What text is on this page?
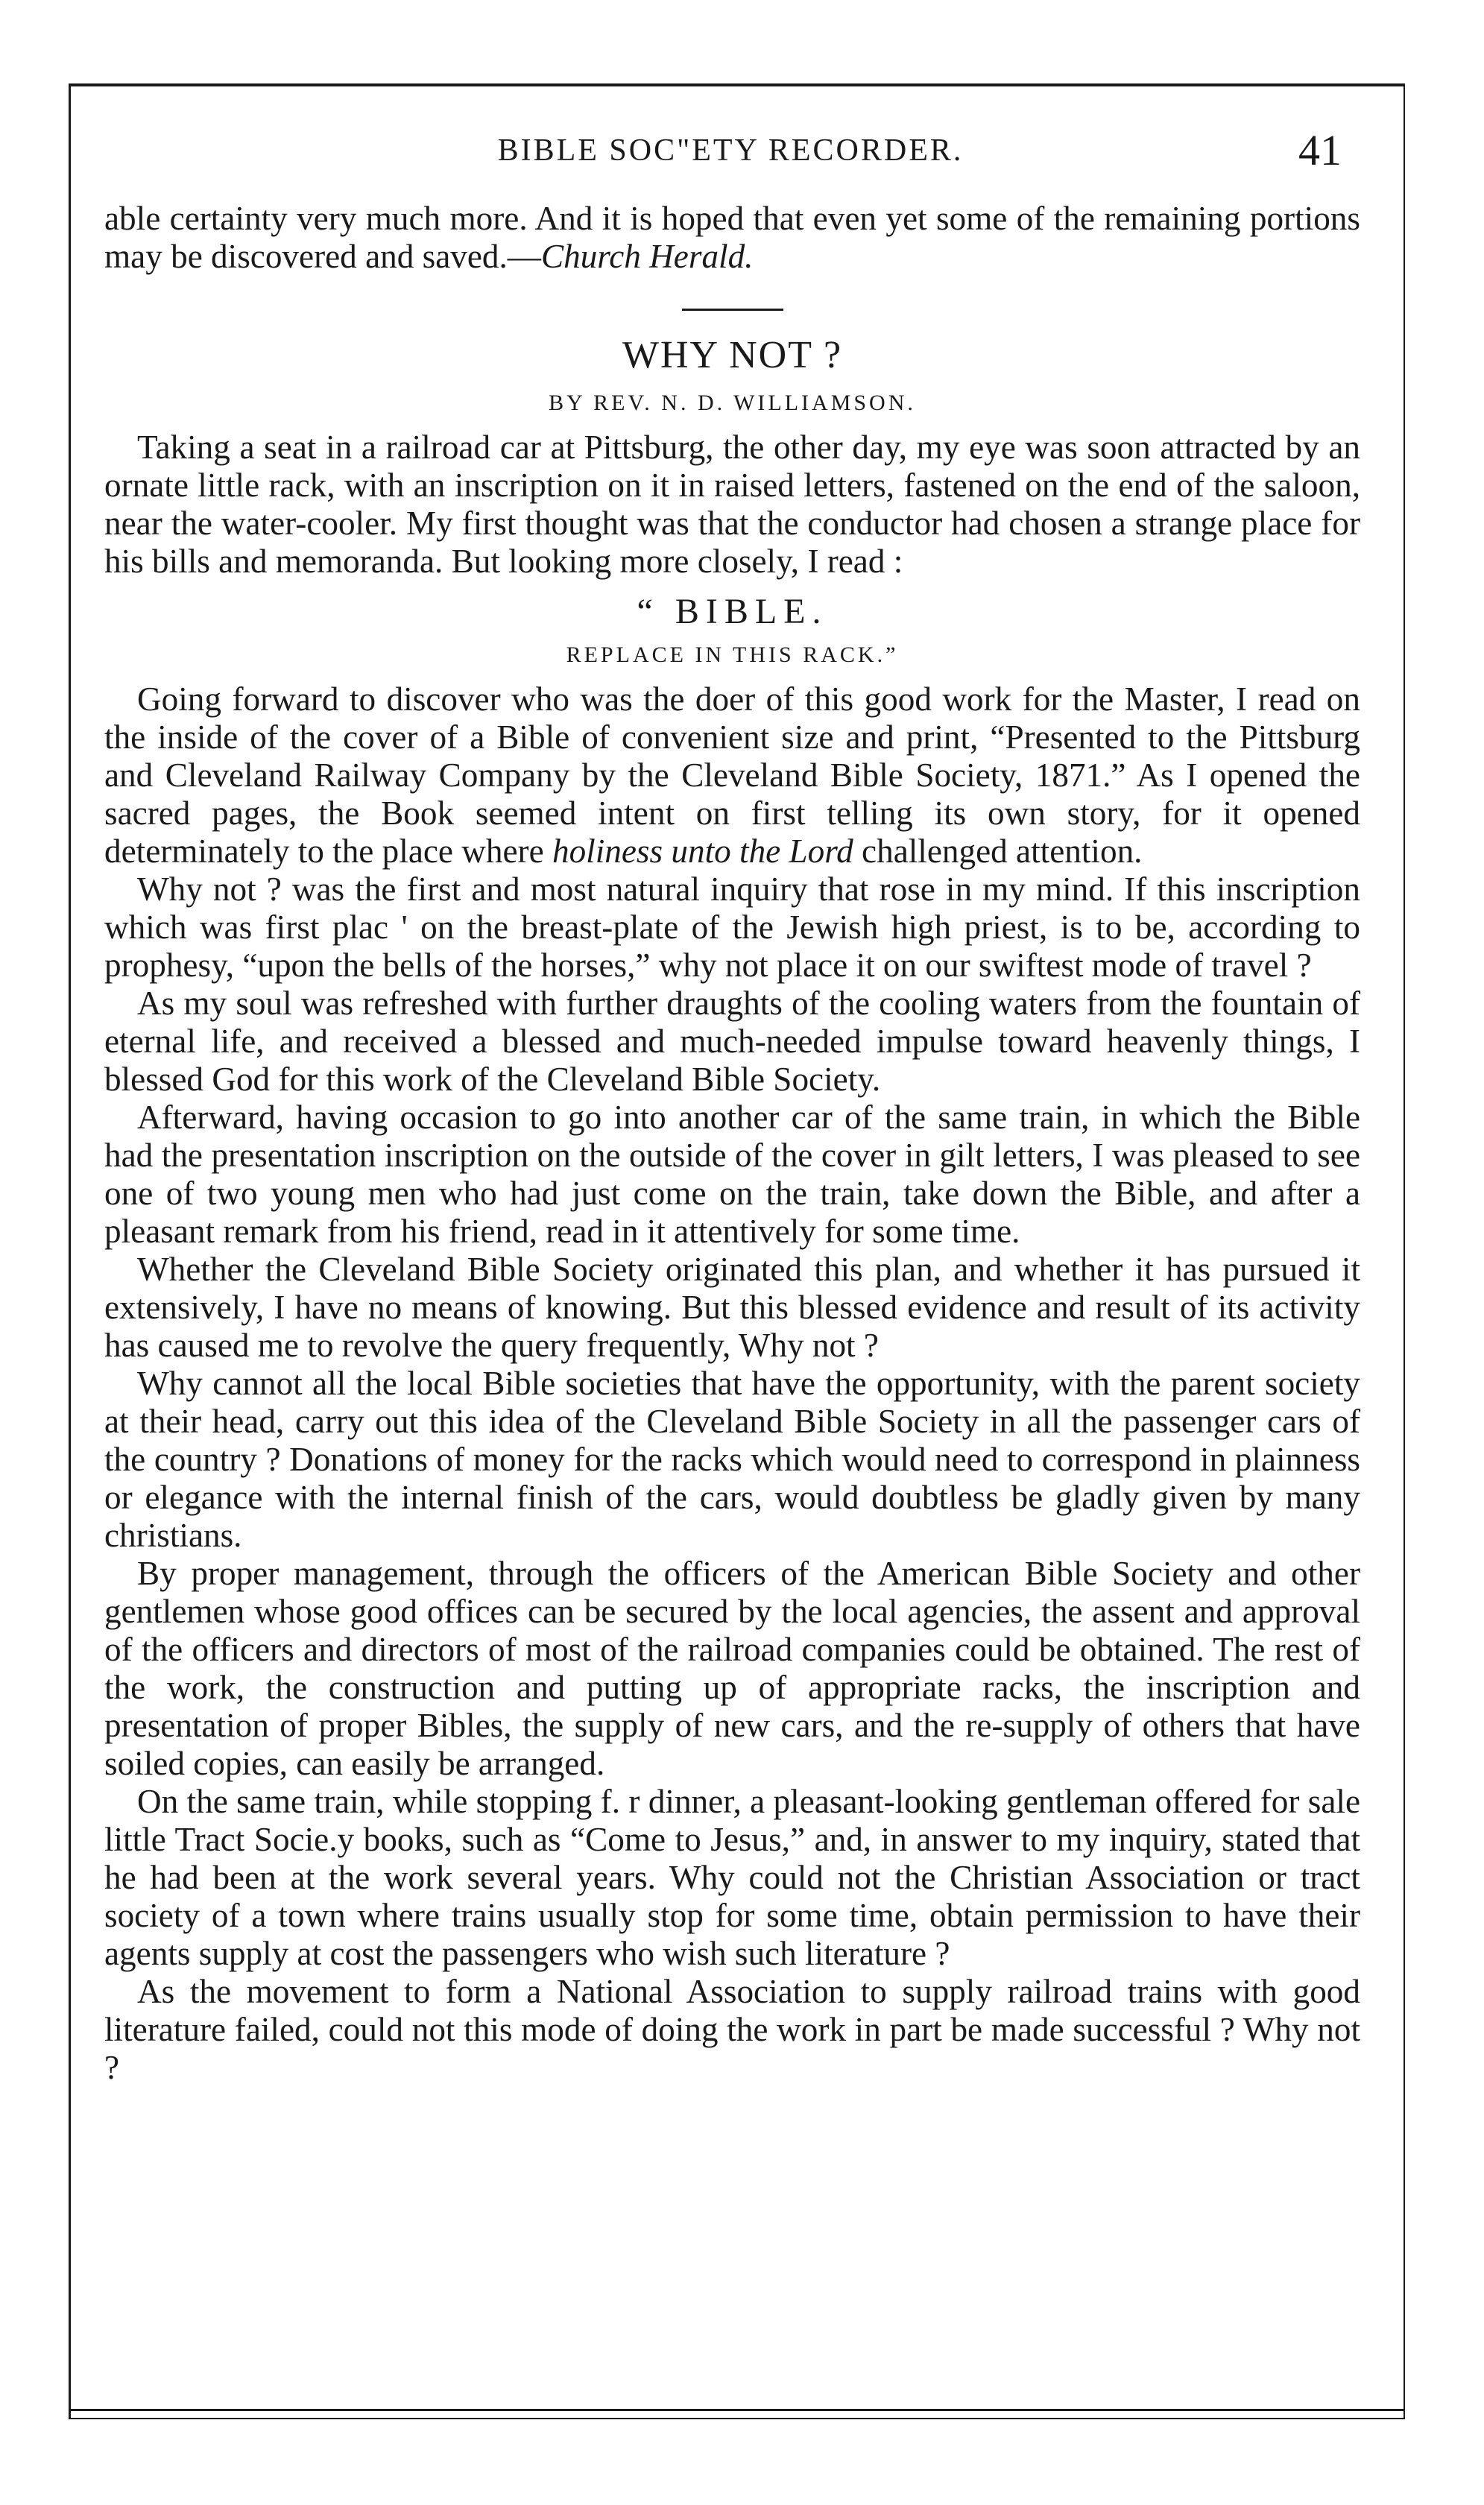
BIBLE SOC"ETY RECORDER.	41

able certainty very much more. And it is hoped that even yet some of the remaining portions may be discovered and saved.—Church Herald.

WHY NOT ?
BY REV. N. D. WILLIAMSON.

Taking a seat in a railroad car at Pittsburg, the other day, my eye was soon attracted by an ornate little rack, with an inscription on it in raised letters, fastened on the end of the saloon, near the water-cooler. My first thought was that the conductor had chosen a strange place for his bills and memoranda. But looking more closely, I read :

“ BIBLE.
REPLACE IN THIS RACK.”

Going forward to discover who was the doer of this good work for the Master, I read on the inside of the cover of a Bible of convenient size and print, “Presented to the Pittsburg and Cleveland Railway Company by the Cleveland Bible Society, 1871.” As I opened the sacred pages, the Book seemed intent on first telling its own story, for it opened determinately to the place where holiness unto the Lord challenged attention.

Why not ? was the first and most natural inquiry that rose in my mind. If this inscription which was first plac ' on the breast-plate of the Jewish high priest, is to be, according to prophesy, “upon the bells of the horses,” why not place it on our swiftest mode of travel ?

As my soul was refreshed with further draughts of the cooling waters from the fountain of eternal life, and received a blessed and much-needed impulse toward heavenly things, I blessed God for this work of the Cleveland Bible Society.

Afterward, having occasion to go into another car of the same train, in which the Bible had the presentation inscription on the outside of the cover in gilt letters, I was pleased to see one of two young men who had just come on the train, take down the Bible, and after a pleasant remark from his friend, read in it attentively for some time.

Whether the Cleveland Bible Society originated this plan, and whether it has pursued it extensively, I have no means of knowing. But this blessed evidence and result of its activity has caused me to revolve the query frequently, Why not ?

Why cannot all the local Bible societies that have the opportunity, with the parent society at their head, carry out this idea of the Cleveland Bible Society in all the passenger cars of the country ? Donations of money for the racks which would need to correspond in plainness or elegance with the internal finish of the cars, would doubtless be gladly given by many christians.

By proper management, through the officers of the American Bible Society and other gentlemen whose good offices can be secured by the local agencies, the assent and approval of the officers and directors of most of the railroad companies could be obtained. The rest of the work, the construction and putting up of appropriate racks, the inscription and presentation of proper Bibles, the supply of new cars, and the re-supply of others that have soiled copies, can easily be arranged.

On the same train, while stopping f. r dinner, a pleasant-looking gentleman offered for sale little Tract Socie.y books, such as “Come to Jesus,” and, in answer to my inquiry, stated that he had been at the work several years. Why could not the Christian Association or tract society of a town where trains usually stop for some time, obtain permission to have their agents supply at cost the passengers who wish such literature ?

As the movement to form a National Association to supply railroad trains with good literature failed, could not this mode of doing the work in part be made successful ? Why not ?
